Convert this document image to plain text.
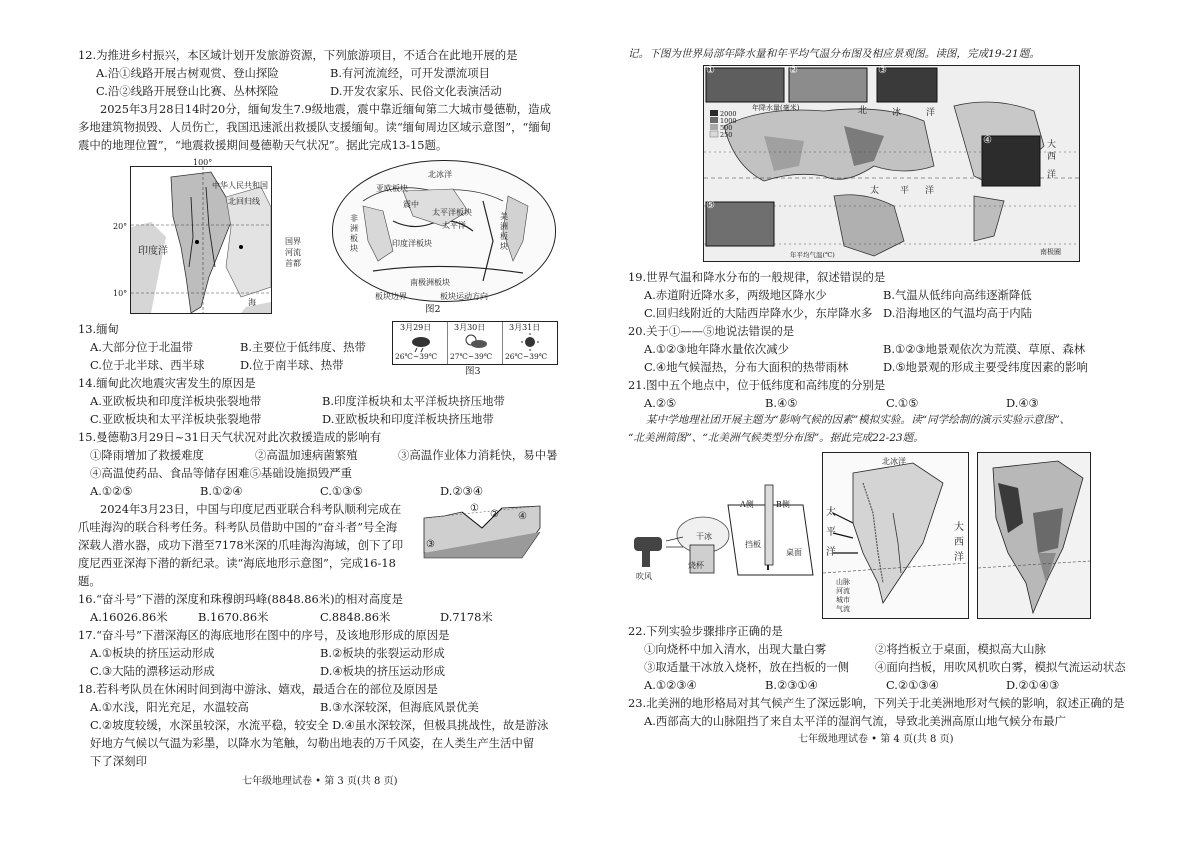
12.为推进乡村振兴，本区域计划开发旅游资源，下列旅游项目，不适合在此地开展的是
A.沿①线路开展古树观赏、登山探险	B.有河流流经，可开发漂流项目
C.沿②线路开展登山比赛、丛林探险	D.开发农家乐、民俗文化表演活动
2025年3月28日14时20分，缅甸发生7.9级地震，震中靠近缅甸第二大城市曼德勒，造成
多地建筑物损毁、人员伤亡，我国迅速派出救援队支援缅甸。读“缅甸周边区域示意图”，“缅甸
震中的地理位置”，“地震救援期间曼德勒天气状况”。据此完成13-15题。
100°
20°
10°
中华人民共和国
北回归线
印度洋
海
国界
河流
首都
北冰洋
亚欧板块
非洲板块
印度洋板块
太平洋板块	美洲板块
南极洲板块
太平洋
震中
板块边界	板块运动方向
图2
13.缅甸
A.大部分位于北温带	B.主要位于低纬度、热带
C.位于北半球、西半球	D.位于南半球、热带
3月29日	3月30日	3月31日
26℃~39℃ 27℃~39℃ 26℃~39℃
图3
14.缅甸此次地震灾害发生的原因是
A.亚欧板块和印度洋板块张裂地带	B.印度洋板块和太平洋板块挤压地带
C.亚欧板块和太平洋板块张裂地带	D.亚欧板块和印度洋板块挤压地带
15.曼德勒3月29日~31日天气状况对此次救援造成的影响有
①降雨增加了救援难度	②高温加速病菌繁殖	③高温作业体力消耗快，易中暑
④高温使药品、食品等储存困难⑤基础设施损毁严重
A.①②⑤	B.①②④	C.①③⑤	D.②③④
2024年3月23日，中国与印度尼西亚联合科考队顺利完成在
爪哇海沟的联合科考任务。科考队员借助中国的“奋斗者”号全海
深载人潜水器，成功下潜至7178米深的爪哇海沟海域，创下了印
度尼西亚深海下潜的新纪录。读“海底地形示意图”，完成16-18
题。
①
②
③
④
16.“奋斗号”下潜的深度和珠穆朗玛峰(8848.86米)的相对高度是
A.16026.86米	B.1670.86米	C.8848.86米	D.7178米
17.“奋斗号”下潜深海区的海底地形在图中的序号，及该地形形成的原因是
A.①板块的挤压运动形成	B.②板块的张裂运动形成
C.③大陆的漂移运动形成	D.④板块的挤压运动形成
18.若科考队员在休闲时间到海中游泳、嬉戏，最适合在的部位及原因是
A.①水浅，阳光充足，水温较高	B.③水深较深，但海底风景优美
C.②坡度较缓，水深虽较深，水流平稳，较安全 D.④虽水深较深，但极具挑战性，故是游泳
好地方气候以气温为彩墨，以降水为笔触，勾勒出地表的万千风姿，在人类生产生活中留
下了深刻印
七年级地理试卷 • 第 3 页(共 8 页)
记。下图为世界局部年降水量和年平均气温分布图及相应景观图。读图，完成19-21题。
①	②	③
④
⑤
年降水量(毫米)
2000
1000
500
250
北	冰	洋
大
西
洋
太 平 洋
南极圈
年平均气温(℃)
19.世界气温和降水分布的一般规律，叙述错误的是
A.赤道附近降水多，两级地区降水少	B.气温从低纬向高纬逐渐降低
C.回归线附近的大陆西岸降水少，东岸降水多 D.沿海地区的气温均高于内陆
20.关于①——⑤地说法错误的是
A.①②③地年降水量依次减少	B.①②③地景观依次为荒漠、草原、森林
C.④地气候湿热，分布大面积的热带雨林	D.⑤地景观的形成主要受纬度因素的影响
21.图中五个地点中，位于低纬度和高纬度的分别是
A.②⑤	B.④⑤	C.①⑤	D.④③
某中学地理社团开展主题为“影响气候的因素”模拟实验。读“同学绘制的演示实验示意图”、
“北美洲简图”、“北美洲气候类型分布图”。据此完成22-23题。
A侧	B侧
挡板
桌面
吹风
烧杯
干冰
北冰洋
太
平
洋
大
西
洋
山脉
河流
城市
气流
22.下列实验步骤排序正确的是
①向烧杯中加入清水，出现大量白雾	②将挡板立于桌面，模拟高大山脉
③取适量干冰放入烧杯，放在挡板的一侧 ④面向挡板，用吹风机吹白雾，模拟气流运动状态
A.①②③④	B.②③①④	C.②①③④	D.②①④③
23.北美洲的地形格局对其气候产生了深远影响，下列关于北美洲地形对气候的影响，叙述正确的是
A.西部高大的山脉阻挡了来自太平洋的湿润气流，导致北美洲高原山地气候分布最广
七年级地理试卷 • 第 4 页(共 8 页)
